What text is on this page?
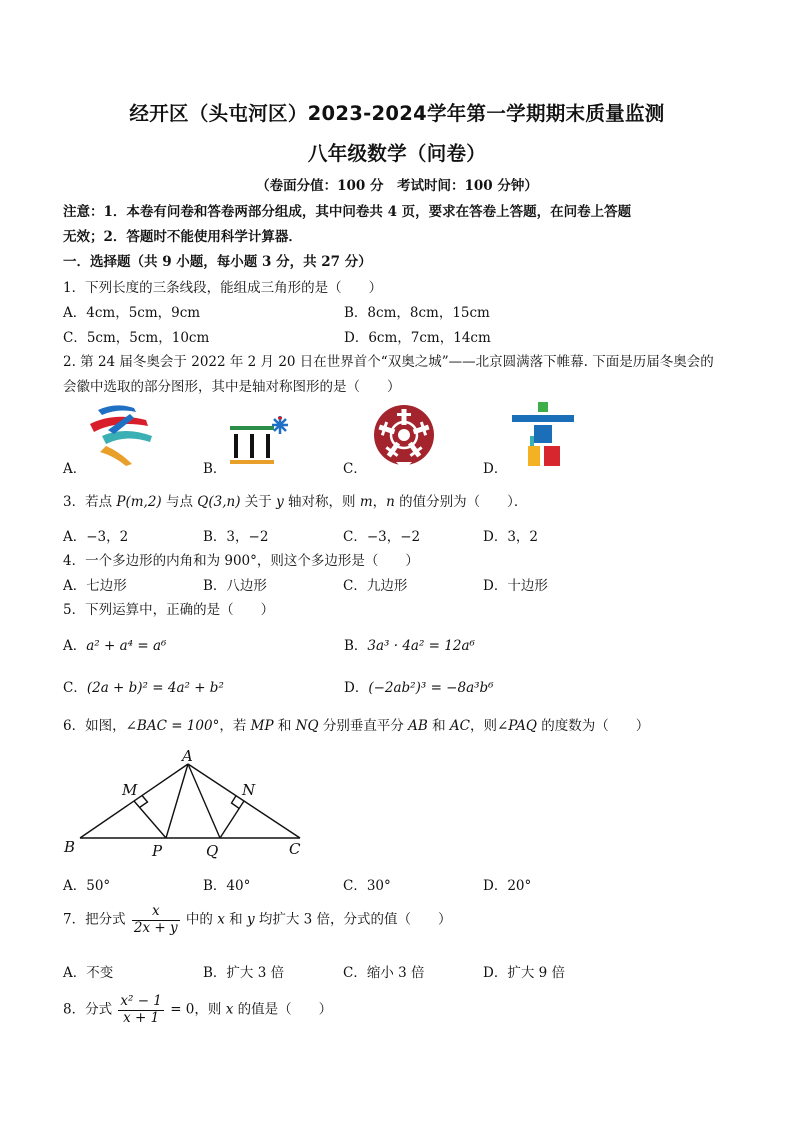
经开区（头屯河区）2023-2024学年第一学期期末质量监测
八年级数学（问卷）
（卷面分值：100 分　考试时间：100 分钟）
注意：1．本卷有问卷和答卷两部分组成，其中问卷共 4 页，要求在答卷上答题，在问卷上答题
无效；2．答题时不能使用科学计算器．
一．选择题（共 9 小题，每小题 3 分，共 27 分）
1．下列长度的三条线段，能组成三角形的是（　　）
A．4cm，5cm，9cm	B．8cm，8cm，15cm
C．5cm，5cm，10cm	D．6cm，7cm，14cm
2. 第 24 届冬奥会于 2022 年 2 月 20 日在世界首个“双奥之城”——北京圆满落下帷幕. 下面是历届冬奥会的
会徽中选取的部分图形，其中是轴对称图形的是（　　）
A．	B．	C．	D．
3．若点 P(m,2) 与点 Q(3,n) 关于 y 轴对称，则 m，n 的值分别为（　　）．
A．−3，2	B．3，−2	C．−3，−2	D．3，2
4．一个多边形的内角和为 900°，则这个多边形是（　　）
A．七边形	B．八边形	C．九边形	D．十边形
5．下列运算中，正确的是（　　）
A．a² + a⁴ = a⁶	B．3a³ · 4a² = 12a⁶
C．(2a + b)² = 4a² + b²	D．(−2ab²)³ = −8a³b⁶
6．如图，∠BAC = 100°，若 MP 和 NQ 分别垂直平分 AB 和 AC，则∠PAQ 的度数为（　　）
A
B	C
M	N
P	Q
A．50°	B．40°	C．30°	D．20°
7．把分式 $\frac{x}{2x + y}$ 中的 x 和 y 均扩大 3 倍，分式的值（　　）
A．不变	B．扩大 3 倍	C．缩小 3 倍	D．扩大 9 倍
8．分式 $\frac{\text{x² − 1}}{x + 1} = 0$，则 x 的值是（　　）
